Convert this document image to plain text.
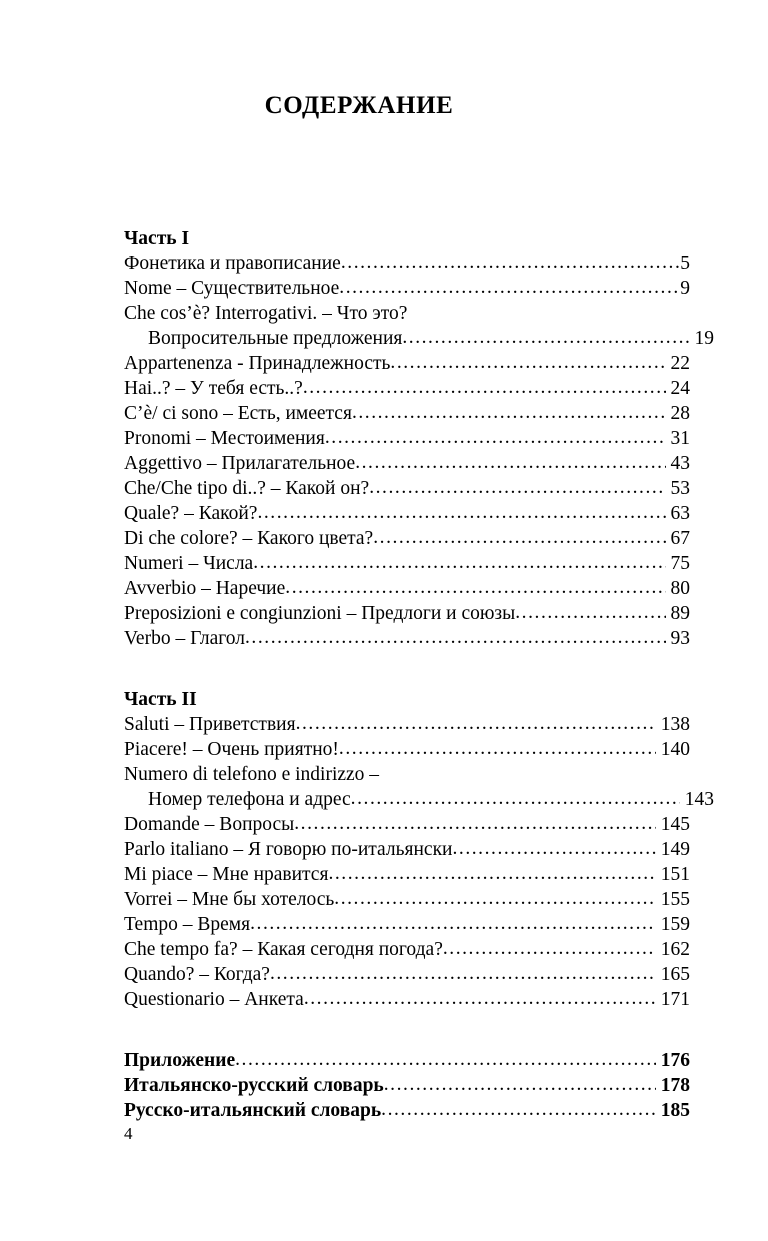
СОДЕРЖАНИЕ
Часть I
Фонетика и правописание .....	5
Nome – Существительное .....	9
Che cos’è? Interrogativi. – Что это?
Вопросительные предложения .....	19
Appartenenza - Принадлежность .....	22
Hai..? – У тебя есть..? .....	24
C’è/ ci sono – Есть, имеется .....	28
Pronomi – Местоимения .....	31
Aggettivo – Прилагательное .....	43
Che/Che tipo di..? – Какой он? .....	53
Quale? – Какой? .....	63
Di che colore? – Какого цвета? .....	67
Numeri – Числа .....	75
Avverbio – Наречие .....	80
Preposizioni e congiunzioni – Предлоги и союзы .....	89
Verbo – Глагол .....	93
Часть II
Saluti – Приветствия .....	138
Piacere! – Очень приятно! .....	140
Numero di telefono e indirizzo –
Номер телефона и адрес .....	143
Domande – Вопросы .....	145
Parlo italiano – Я говорю по-итальянски .....	149
Mi piace – Мне нравится .....	151
Vorrei – Мне бы хотелось .....	155
Tempo – Время .....	159
Che tempo fa? – Какая сегодня погода? .....	162
Quando? – Когда? .....	165
Questionario – Анкета .....	171
Приложение .....	176
Итальянско-русский словарь .....	178
Русско-итальянский словарь .....	185
4
